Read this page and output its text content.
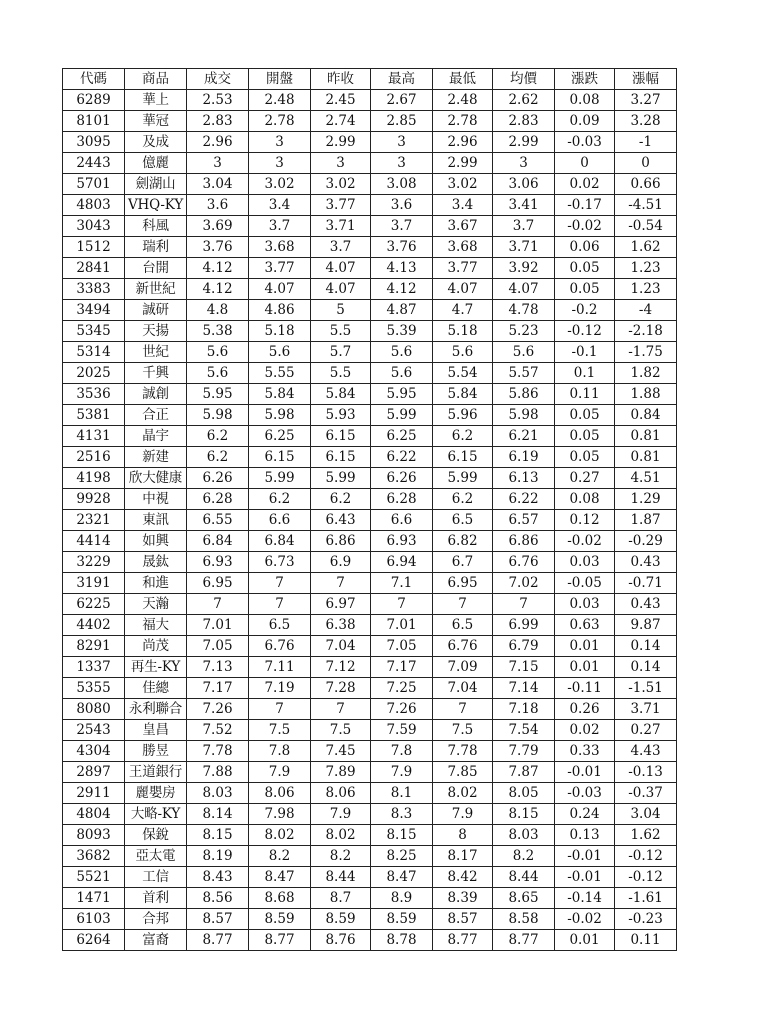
代碼	商品	成交	開盤	昨收	最高	最低	均價	漲跌	漲幅
6289	華上	2.53	2.48	2.45	2.67	2.48	2.62	0.08	3.27
8101	華冠	2.83	2.78	2.74	2.85	2.78	2.83	0.09	3.28
3095	及成	2.96	3	2.99	3	2.96	2.99	-0.03	-1
2443	億麗	3	3	3	3	2.99	3	0	0
5701	劍湖山	3.04	3.02	3.02	3.08	3.02	3.06	0.02	0.66
4803	VHQ-KY	3.6	3.4	3.77	3.6	3.4	3.41	-0.17	-4.51
3043	科風	3.69	3.7	3.71	3.7	3.67	3.7	-0.02	-0.54
1512	瑞利	3.76	3.68	3.7	3.76	3.68	3.71	0.06	1.62
2841	台開	4.12	3.77	4.07	4.13	3.77	3.92	0.05	1.23
3383	新世紀	4.12	4.07	4.07	4.12	4.07	4.07	0.05	1.23
3494	誠研	4.8	4.86	5	4.87	4.7	4.78	-0.2	-4
5345	天揚	5.38	5.18	5.5	5.39	5.18	5.23	-0.12	-2.18
5314	世紀	5.6	5.6	5.7	5.6	5.6	5.6	-0.1	-1.75
2025	千興	5.6	5.55	5.5	5.6	5.54	5.57	0.1	1.82
3536	誠創	5.95	5.84	5.84	5.95	5.84	5.86	0.11	1.88
5381	合正	5.98	5.98	5.93	5.99	5.96	5.98	0.05	0.84
4131	晶宇	6.2	6.25	6.15	6.25	6.2	6.21	0.05	0.81
2516	新建	6.2	6.15	6.15	6.22	6.15	6.19	0.05	0.81
4198	欣大健康	6.26	5.99	5.99	6.26	5.99	6.13	0.27	4.51
9928	中視	6.28	6.2	6.2	6.28	6.2	6.22	0.08	1.29
2321	東訊	6.55	6.6	6.43	6.6	6.5	6.57	0.12	1.87
4414	如興	6.84	6.84	6.86	6.93	6.82	6.86	-0.02	-0.29
3229	晟鈦	6.93	6.73	6.9	6.94	6.7	6.76	0.03	0.43
3191	和進	6.95	7	7	7.1	6.95	7.02	-0.05	-0.71
6225	天瀚	7	7	6.97	7	7	7	0.03	0.43
4402	福大	7.01	6.5	6.38	7.01	6.5	6.99	0.63	9.87
8291	尚茂	7.05	6.76	7.04	7.05	6.76	6.79	0.01	0.14
1337	再生-KY	7.13	7.11	7.12	7.17	7.09	7.15	0.01	0.14
5355	佳總	7.17	7.19	7.28	7.25	7.04	7.14	-0.11	-1.51
8080	永利聯合	7.26	7	7	7.26	7	7.18	0.26	3.71
2543	皇昌	7.52	7.5	7.5	7.59	7.5	7.54	0.02	0.27
4304	勝昱	7.78	7.8	7.45	7.8	7.78	7.79	0.33	4.43
2897	王道銀行	7.88	7.9	7.89	7.9	7.85	7.87	-0.01	-0.13
2911	麗嬰房	8.03	8.06	8.06	8.1	8.02	8.05	-0.03	-0.37
4804	大略-KY	8.14	7.98	7.9	8.3	7.9	8.15	0.24	3.04
8093	保銳	8.15	8.02	8.02	8.15	8	8.03	0.13	1.62
3682	亞太電	8.19	8.2	8.2	8.25	8.17	8.2	-0.01	-0.12
5521	工信	8.43	8.47	8.44	8.47	8.42	8.44	-0.01	-0.12
1471	首利	8.56	8.68	8.7	8.9	8.39	8.65	-0.14	-1.61
6103	合邦	8.57	8.59	8.59	8.59	8.57	8.58	-0.02	-0.23
6264	富裔	8.77	8.77	8.76	8.78	8.77	8.77	0.01	0.11
